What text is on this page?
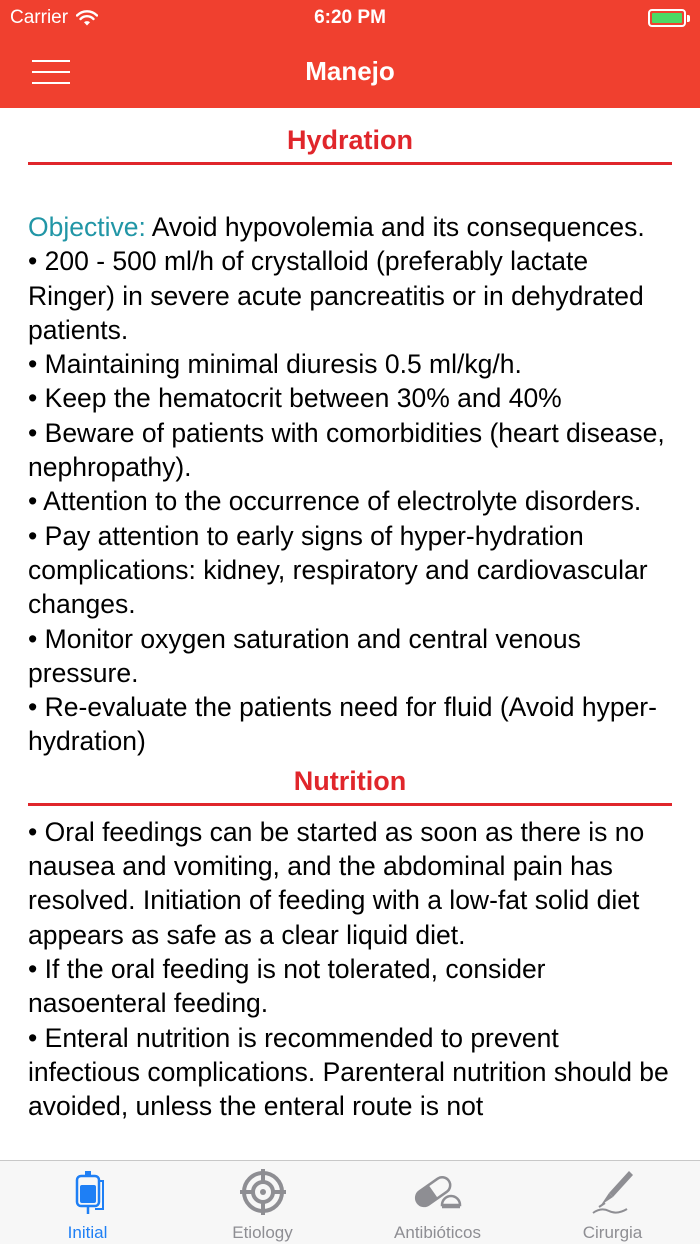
Carrier	6:20 PM
Manejo
Hydration

Objective: Avoid hypovolemia and its consequences.

• 200 - 500 ml/h of crystalloid (preferably lactate Ringer) in severe acute pancreatitis or in dehydrated patients.

• Maintaining minimal diuresis 0.5 ml/kg/h.

• Keep the hematocrit between 30% and 40%

• Beware of patients with comorbidities (heart disease, nephropathy).

• Attention to the occurrence of electrolyte disorders.

• Pay attention to early signs of hyper-hydration complications: kidney, respiratory and cardiovascular changes.

• Monitor oxygen saturation and central venous pressure.

• Re-evaluate the patients need for fluid (Avoid hyper-hydration)

Nutrition

• Oral feedings can be started as soon as there is no nausea and vomiting, and the abdominal pain has resolved. Initiation of feeding with a low-fat solid diet appears as safe as a clear liquid diet.

• If the oral feeding is not tolerated, consider nasoenteral feeding.

• Enteral nutrition is recommended to prevent infectious complications. Parenteral nutrition should be avoided, unless the enteral route is not

Initial	Etiology	Antibióticos	Cirurgia
